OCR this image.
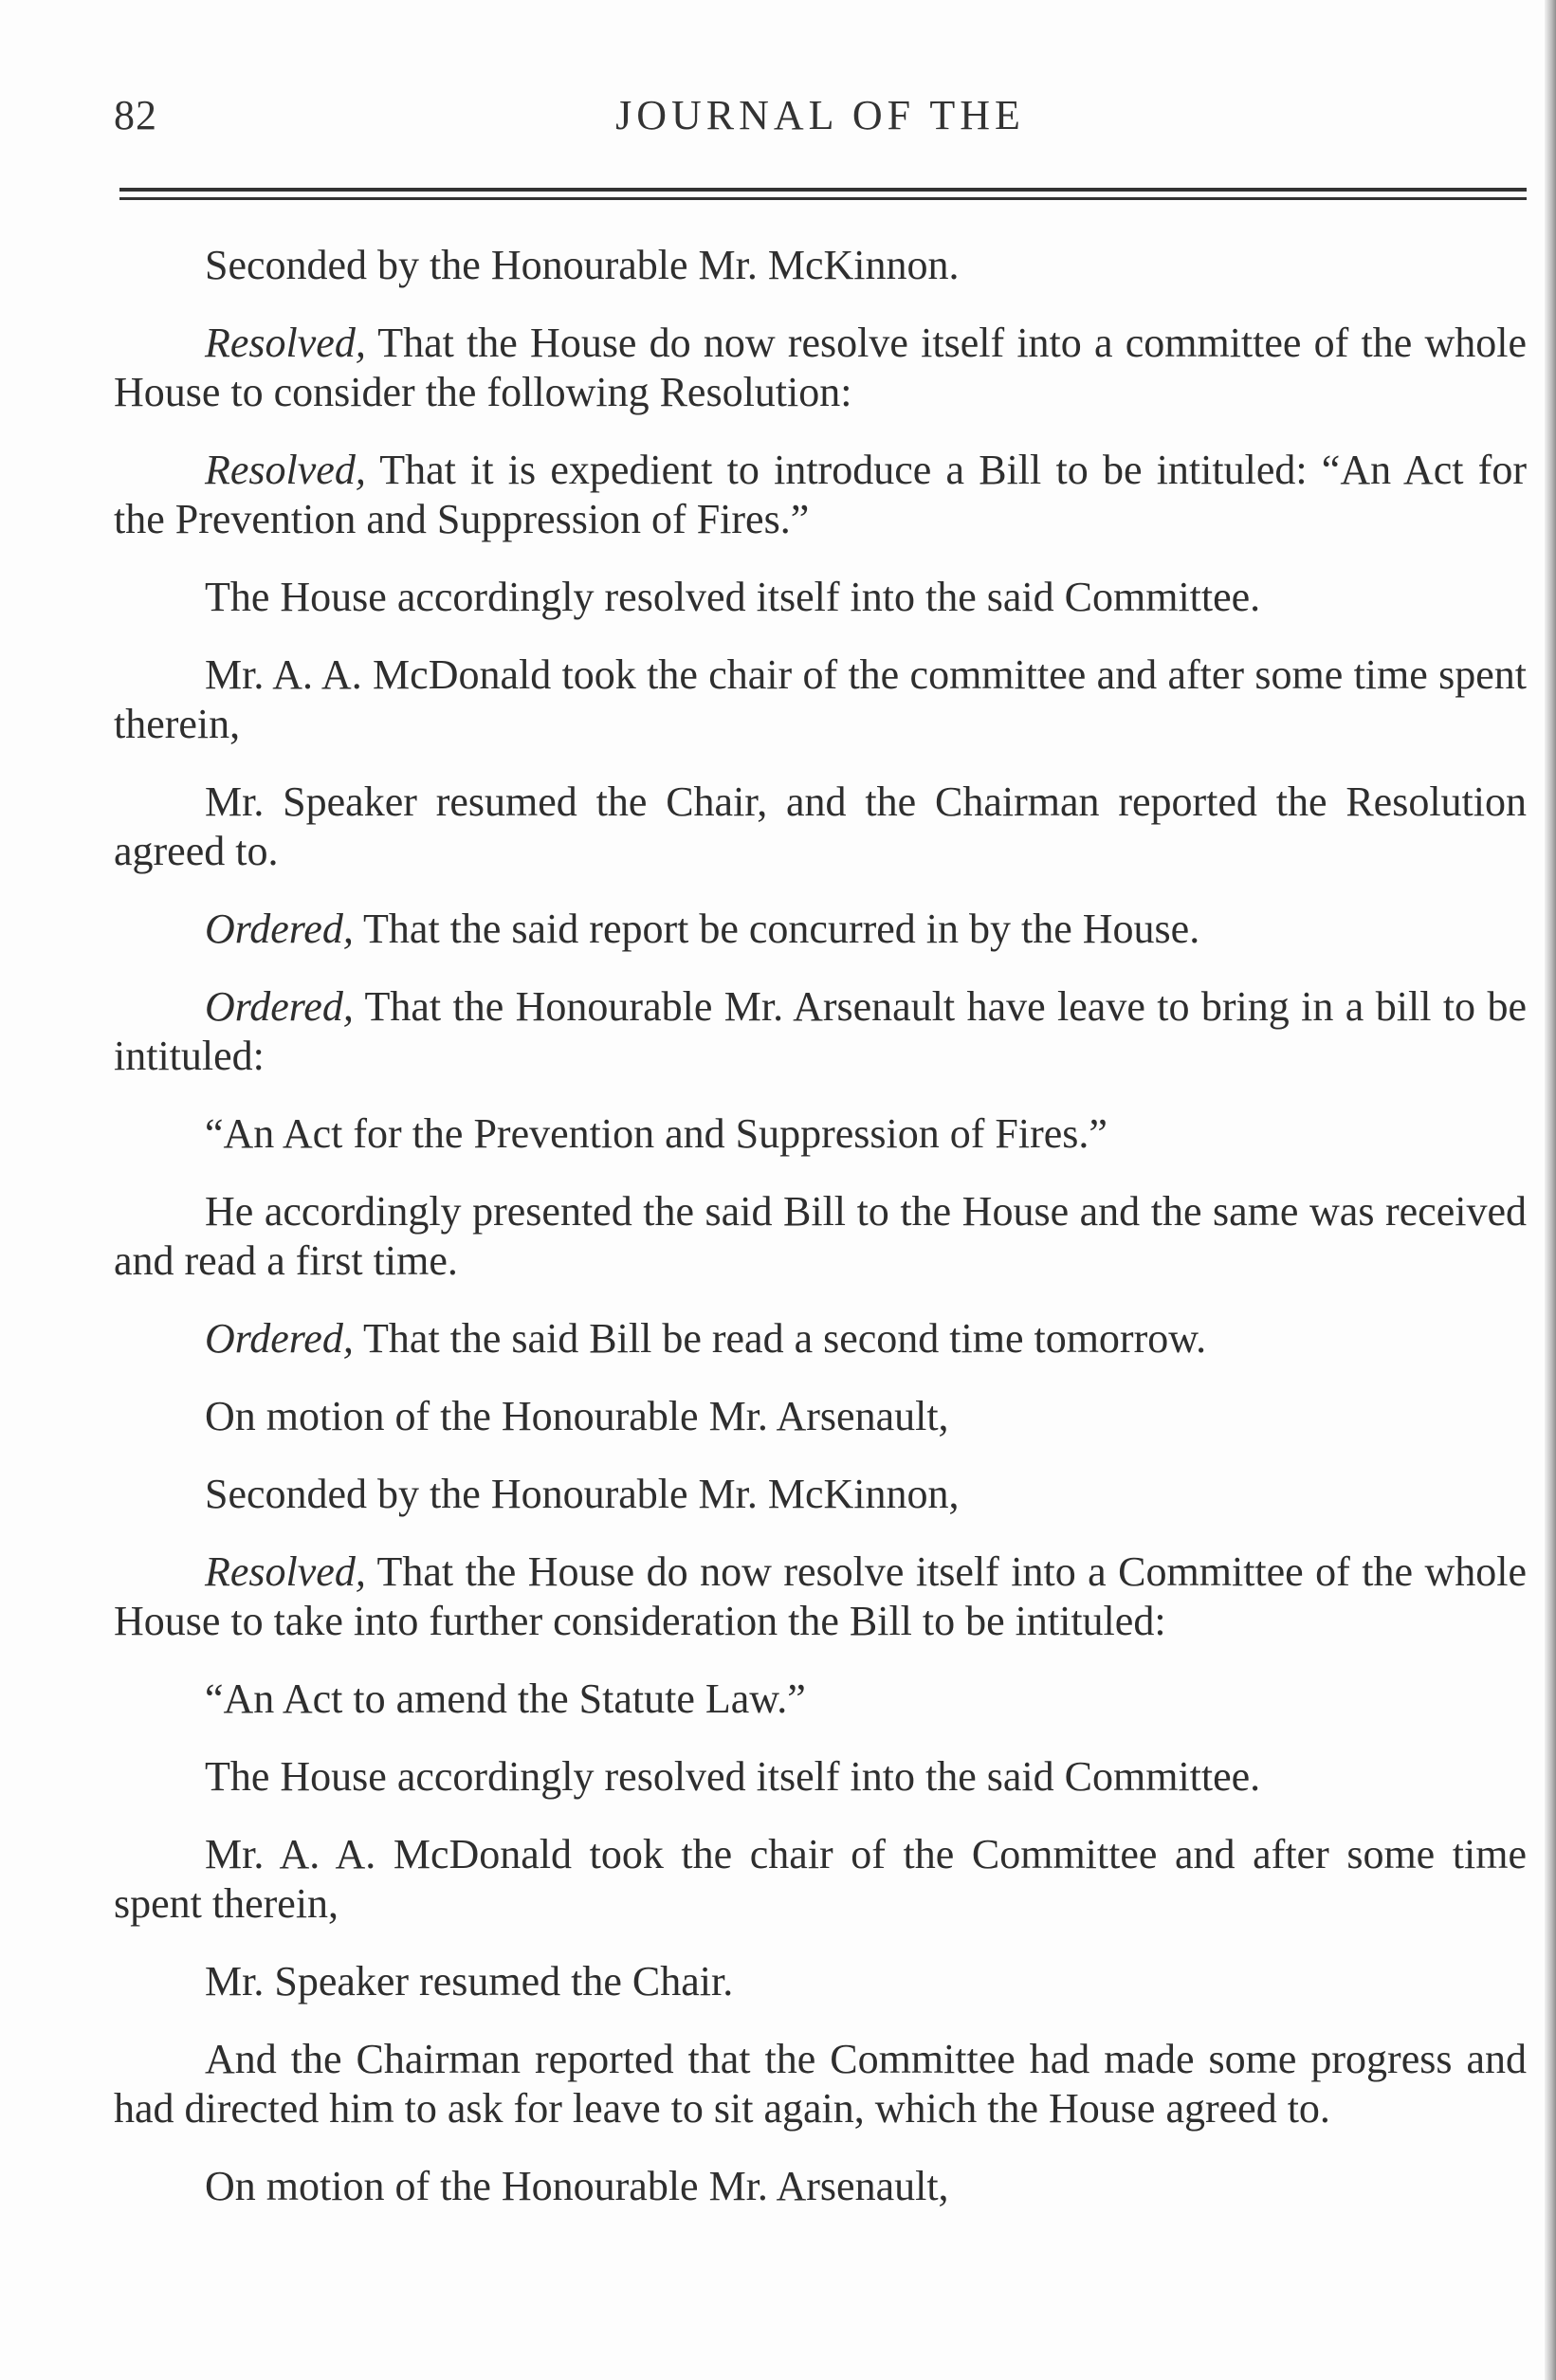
82	JOURNAL OF THE

Seconded by the Honourable Mr. McKinnon.

Resolved, That the House do now resolve itself into a committee of the whole House to consider the following Resolution:

Resolved, That it is expedient to introduce a Bill to be intituled: “An Act for the Prevention and Suppression of Fires.”

The House accordingly resolved itself into the said Committee.

Mr. A. A. McDonald took the chair of the committee and after some time spent therein,

Mr. Speaker resumed the Chair, and the Chairman reported the Resolution agreed to.

Ordered, That the said report be concurred in by the House.

Ordered, That the Honourable Mr. Arsenault have leave to bring in a bill to be intituled:

“An Act for the Prevention and Suppression of Fires.”

He accordingly presented the said Bill to the House and the same was received and read a first time.

Ordered, That the said Bill be read a second time tomorrow.

On motion of the Honourable Mr. Arsenault,

Seconded by the Honourable Mr. McKinnon,

Resolved, That the House do now resolve itself into a Committee of the whole House to take into further consideration the Bill to be intituled:

“An Act to amend the Statute Law.”

The House accordingly resolved itself into the said Committee.

Mr. A. A. McDonald took the chair of the Committee and after some time spent therein,

Mr. Speaker resumed the Chair.

And the Chairman reported that the Committee had made some progress and had directed him to ask for leave to sit again, which the House agreed to.

On motion of the Honourable Mr. Arsenault,
